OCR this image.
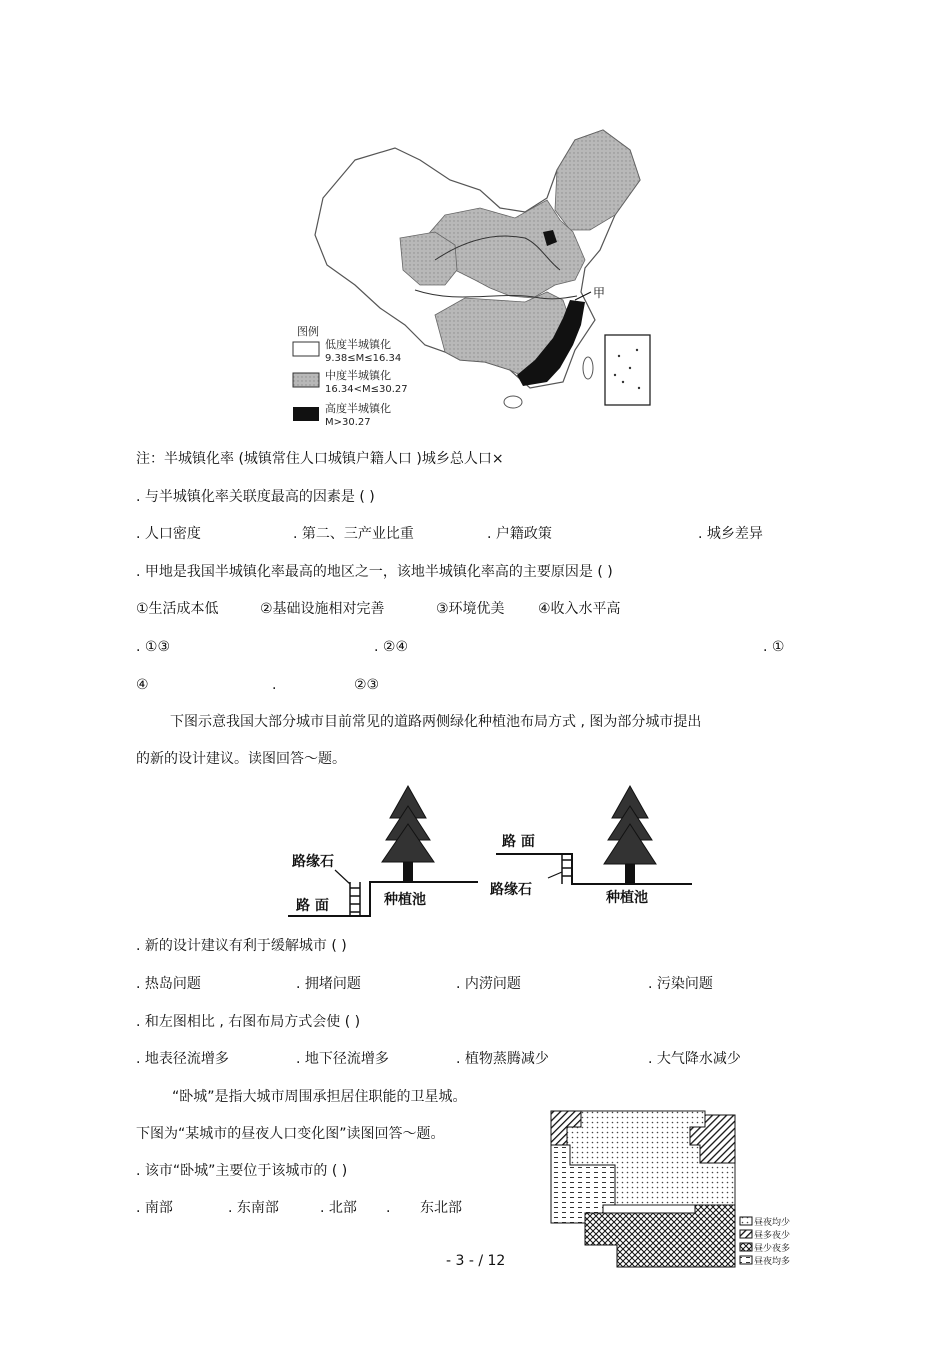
甲
图例
低度半城镇化
9.38≤M≤16.34
中度半城镇化
16.34<M≤30.27
高度半城镇化
M>30.27
注：半城镇化率 (城镇常住人口城镇户籍人口 )城乡总人口×
. 与半城镇化率关联度最高的因素是 ( )
. 人口密度	. 第二、三产业比重	. 户籍政策	. 城乡差异
. 甲地是我国半城镇化率最高的地区之一，该地半城镇化率高的主要原因是 ( )
①生活成本低	②基础设施相对完善	③环境优美 ④收入水平高
. ①③	. ②④	. ①
④	.	②③
下图示意我国大部分城市目前常见的道路两侧绿化种植池布局方式 , 图为部分城市提出
的新的设计建议。读图回答～题。
路缘石
路 面	种植池
路 面
路缘石	种植池
. 新的设计建议有利于缓解城市 ( )
. 热岛问题	. 拥堵问题	. 内涝问题	. 污染问题
. 和左图相比 , 右图布局方式会使 ( )
. 地表径流增多	. 地下径流增多	. 植物蒸腾减少	. 大气降水减少
“卧城”是指大城市周围承担居住职能的卫星城。
下图为“某城市的昼夜人口变化图”读图回答～题。
. 该市“卧城”主要位于该城市的 ( )
. 南部	. 东南部	. 北部 . 东北部
昼夜均少
昼多夜少
昼少夜多
昼夜均多
- 3 - / 12
